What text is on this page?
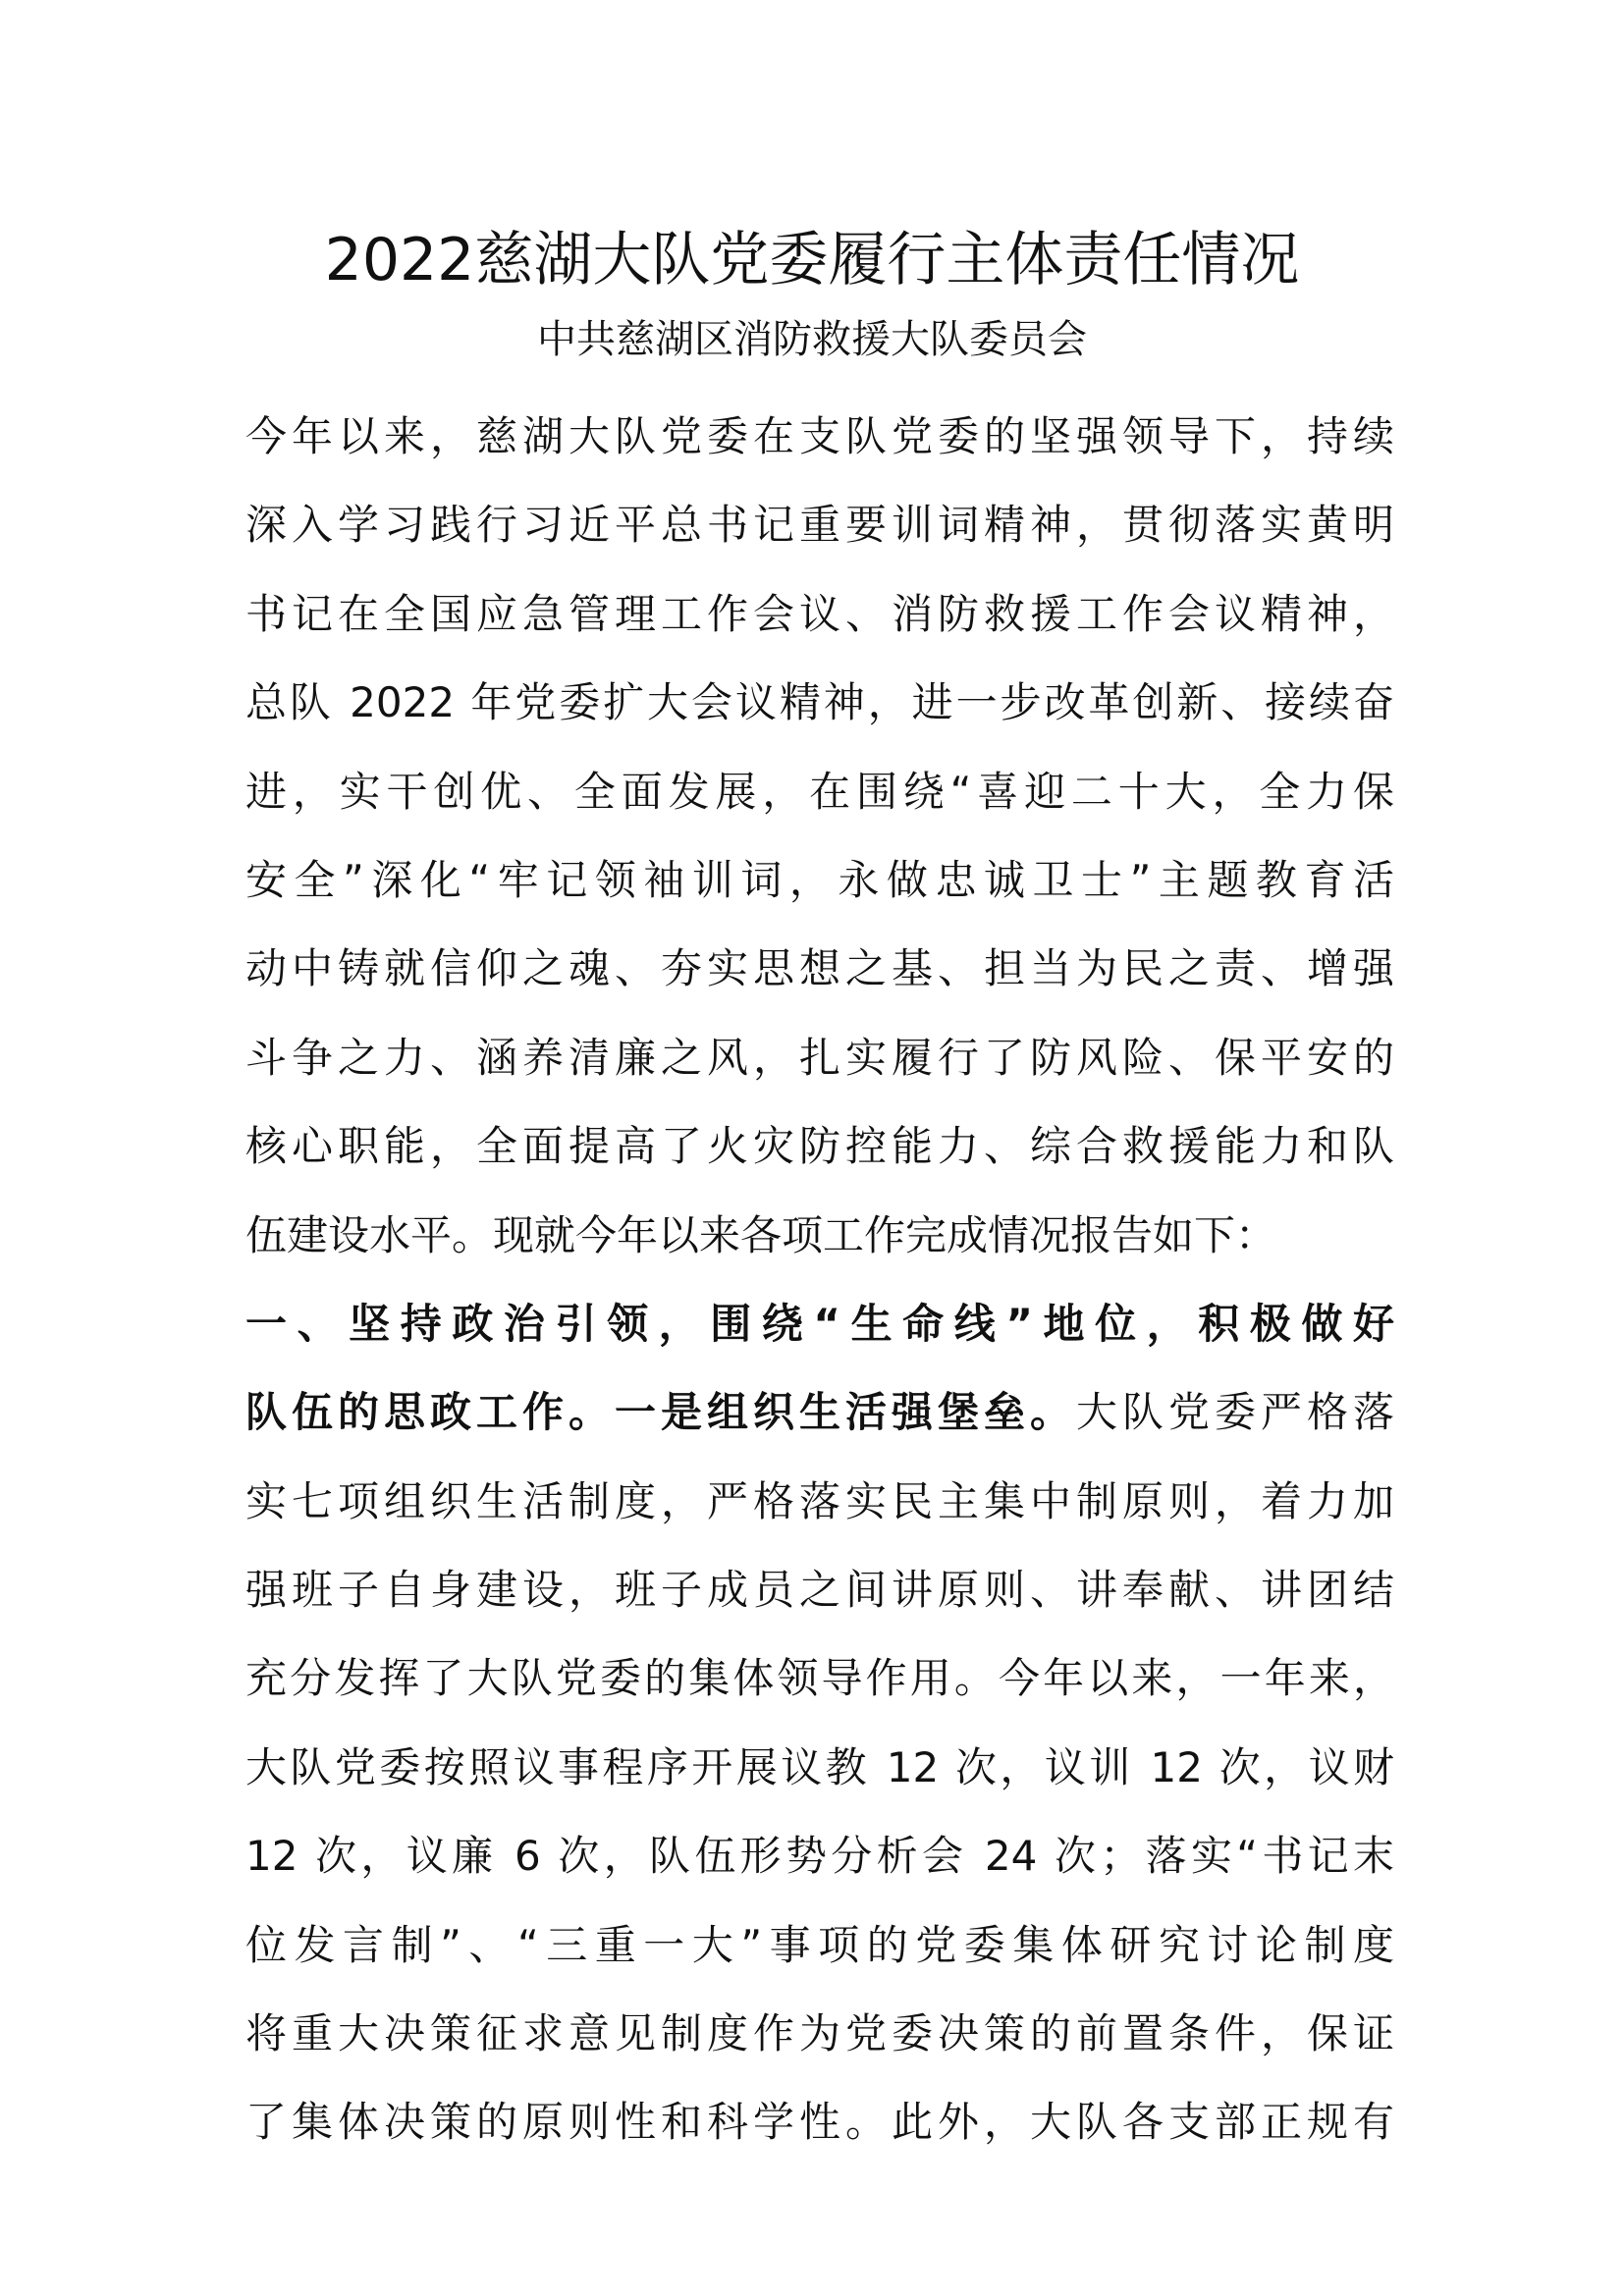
2022慈湖大队党委履行主体责任情况
中共慈湖区消防救援大队委员会
今年以来，慈湖大队党委在支队党委的坚强领导下，持续
深入学习践行习近平总书记重要训词精神，贯彻落实黄明
书记在全国应急管理工作会议、消防救援工作会议精神，
总队 2022 年党委扩大会议精神，进一步改革创新、接续奋
进，实干创优、全面发展，在围绕“喜迎二十大，全力保
安全”深化“牢记领袖训词，永做忠诚卫士”主题教育活
动中铸就信仰之魂、夯实思想之基、担当为民之责、增强
斗争之力、涵养清廉之风，扎实履行了防风险、保平安的
核心职能，全面提高了火灾防控能力、综合救援能力和队
伍建设水平。现就今年以来各项工作完成情况报告如下：
一、坚持政治引领，围绕“生命线”地位，积极做好
队伍的思政工作。一是组织生活强堡垒。大队党委严格落
实七项组织生活制度，严格落实民主集中制原则，着力加
强班子自身建设，班子成员之间讲原则、讲奉献、讲团结
充分发挥了大队党委的集体领导作用。今年以来，一年来，
大队党委按照议事程序开展议教 12 次，议训 12 次，议财
12 次，议廉 6 次，队伍形势分析会 24 次；落实“书记末
位发言制”、“三重一大”事项的党委集体研究讨论制度
将重大决策征求意见制度作为党委决策的前置条件，保证
了集体决策的原则性和科学性。此外，大队各支部正规有
